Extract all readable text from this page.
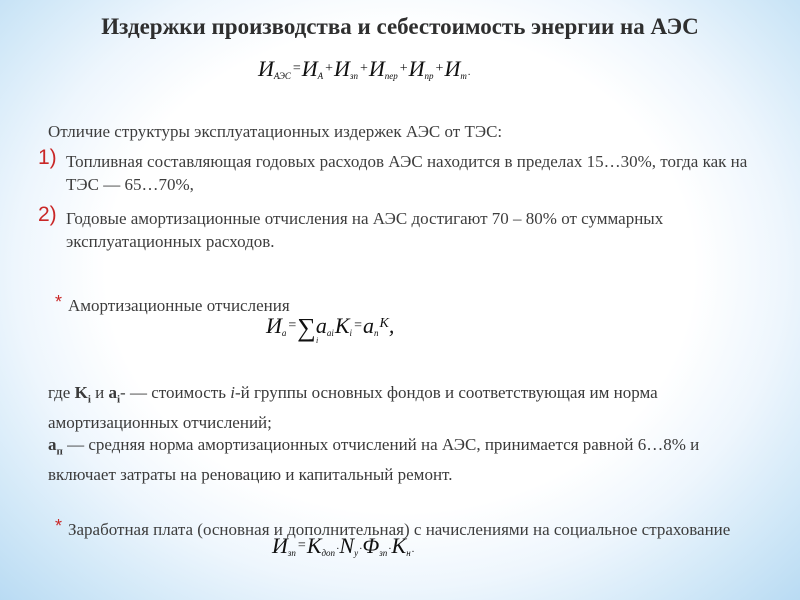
Издержки производства и себестоимость энергии на АЭС
$И_{АЭС} =И_А +И_{зп} +И_{пер} +И_{пр} +И_т$.
Отличие структуры эксплуатационных издержек АЭС от ТЭС:
1) Топливная составляющая годовых расходов АЭС находится в пределах 15…30%, тогда как на ТЭС — 65…70%,
2) Годовые амортизационные отчисления на АЭС достигают 70 – 80% от суммарных эксплуатационных расходов.
* Амортизационные отчисления
$И_а$ =∑ i
$a_{аi}K_i =a_п^K$,
где $K_i$ и $a_i-$ — стоимость i-й группы основных фондов и соответствующая им норма амортизационных отчислений;
$a_п$ — средняя норма амортизационных отчислений на АЭС, принимается равной 6…8% и включает затраты на реновацию и капитальный ремонт.
* Заработная плата (основная и дополнительная) с начислениями на социальное страхование
$И_{зп} =K_{доп}\cdot N_у\cdot\Phi_{зп}\cdot K_н$.
